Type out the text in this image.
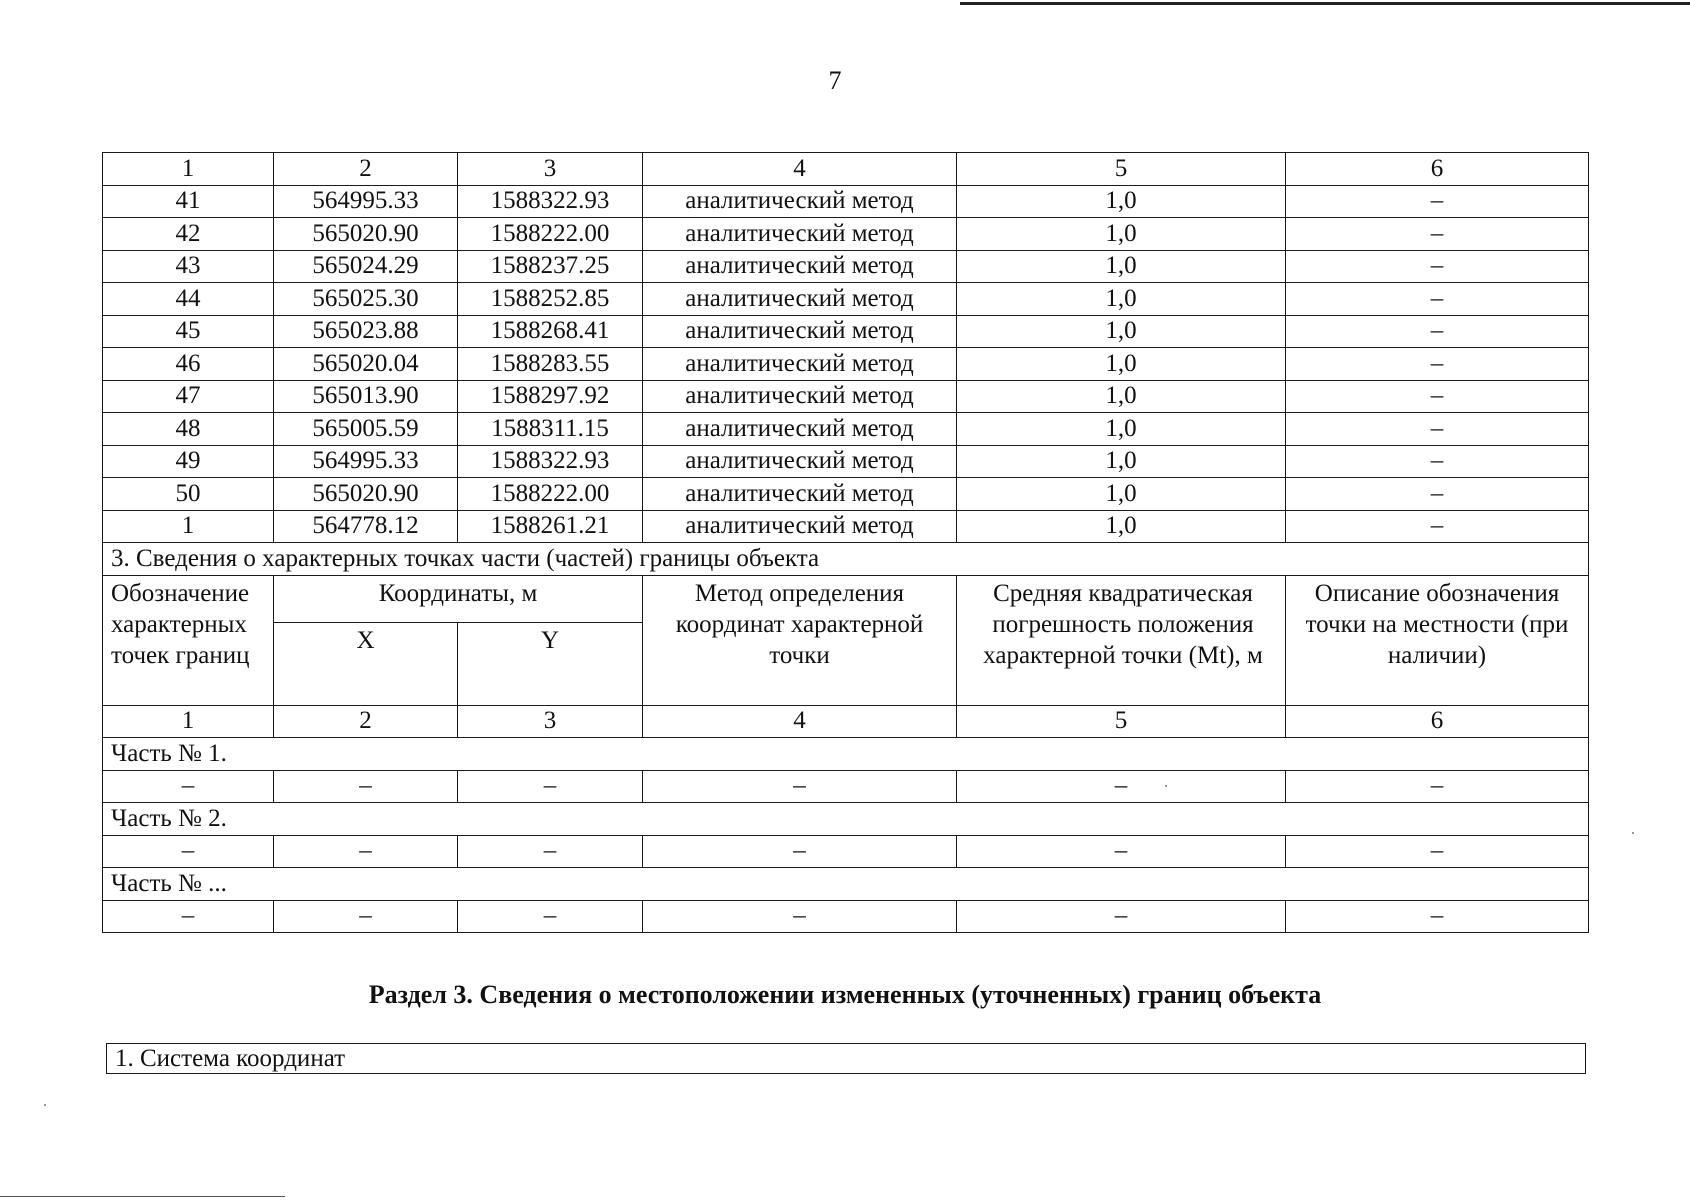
7
1	2	3	4	5	6
41	564995.33	1588322.93	аналитический метод	1,0	–
42	565020.90	1588222.00	аналитический метод	1,0	–
43	565024.29	1588237.25	аналитический метод	1,0	–
44	565025.30	1588252.85	аналитический метод	1,0	–
45	565023.88	1588268.41	аналитический метод	1,0	–
46	565020.04	1588283.55	аналитический метод	1,0	–
47	565013.90	1588297.92	аналитический метод	1,0	–
48	565005.59	1588311.15	аналитический метод	1,0	–
49	564995.33	1588322.93	аналитический метод	1,0	–
50	565020.90	1588222.00	аналитический метод	1,0	–
1	564778.12	1588261.21	аналитический метод	1,0	–
3. Сведения о характерных точках части (частей) границы объекта					
Обозначение характерных точек границ	Координаты, м		Метод определения координат характерной точки	Средняя квадратическая погрешность положения характерной точки (Mt), м	Описание обозначения точки на местности (при наличии)
	X	Y			
1	2	3	4	5	6
Часть № 1.					
–	–	–	–	–	–
Часть № 2.					
–	–	–	–	–	–
Часть № ...					
–	–	–	–	–	–
Раздел 3. Сведения о местоположении измененных (уточненных) границ объекта
1. Система координат
